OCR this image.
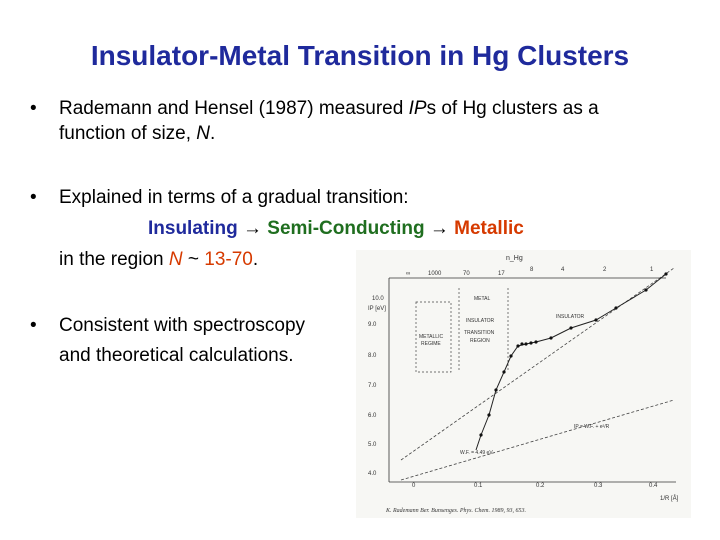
Insulator-Metal Transition in Hg Clusters
• Rademann and Hensel (1987) measured IPs of Hg clusters as a
function of size, N.
• Explained in terms of a gradual transition:
Insulating → Semi-Conducting → Metallic
in the region N ~ 13-70.
• Consistent with spectroscopy
and theoretical calculations.
n_Hg
∞	1000	70	17
8	4	2	1
IP [eV]
10.0
9.0
8.0
7.0
6.0
5.0
4.0
0	0.1	0.2	0.3	0.4
1/R [Å]
METALLIC
REGIME
METAL
INSULATOR
TRANSITION
REGION
INSULATOR
IP = W.F. + e²/R
W.F. = 4.49 eV
K. Rademann Ber. Bunsenges. Phys. Chem. 1989, 93, 653.
